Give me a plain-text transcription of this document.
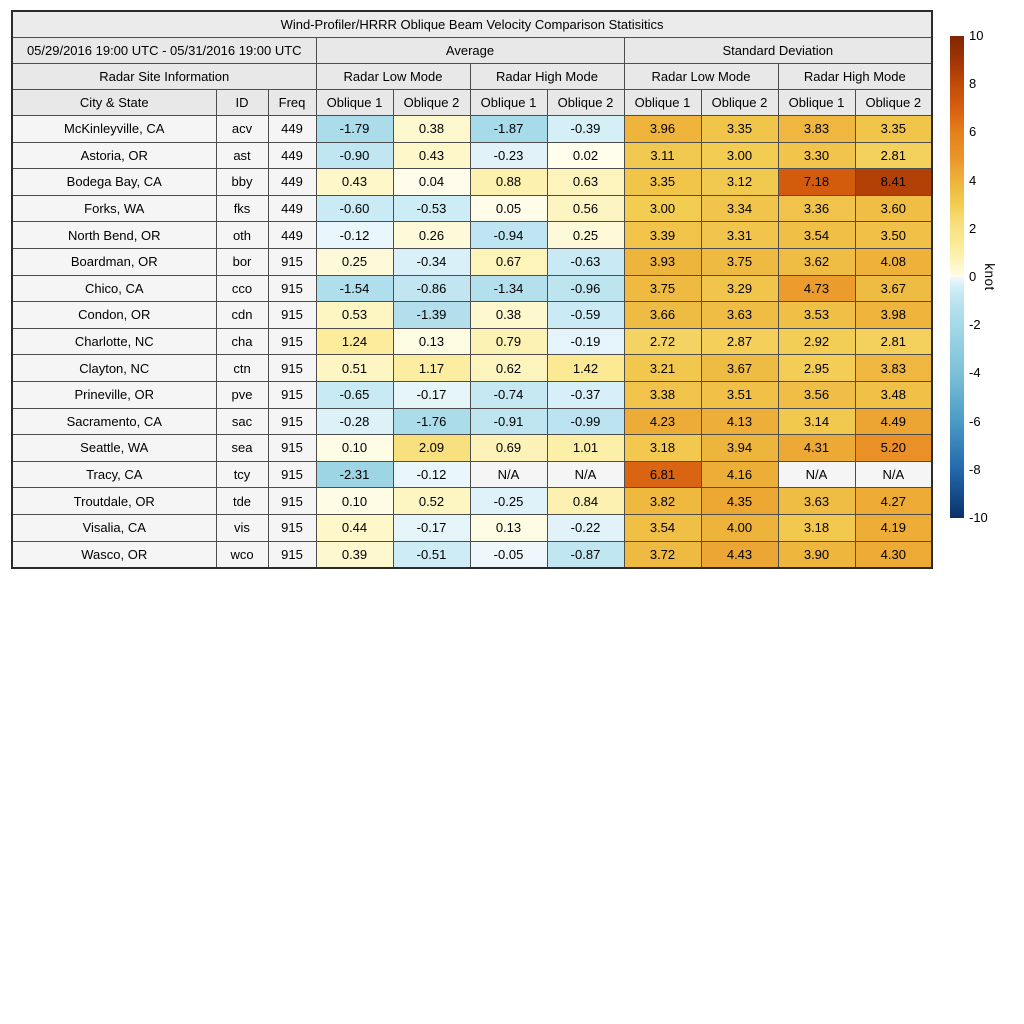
Wind-Profiler/HRRR Oblique Beam Velocity Comparison Statisitics										
05/29/2016 19:00 UTC - 05/31/2016 19:00 UTC			Average				Standard Deviation			
Radar Site Information			Radar Low Mode		Radar High Mode		Radar Low Mode		Radar High Mode	
City & State	ID	Freq	Oblique 1	Oblique 2	Oblique 1	Oblique 2	Oblique 1	Oblique 2	Oblique 1	Oblique 2
McKinleyville, CA	acv	449	-1.79	0.38	-1.87	-0.39	3.96	3.35	3.83	3.35
Astoria, OR	ast	449	-0.90	0.43	-0.23	0.02	3.11	3.00	3.30	2.81
Bodega Bay, CA	bby	449	0.43	0.04	0.88	0.63	3.35	3.12	7.18	8.41
Forks, WA	fks	449	-0.60	-0.53	0.05	0.56	3.00	3.34	3.36	3.60
North Bend, OR	oth	449	-0.12	0.26	-0.94	0.25	3.39	3.31	3.54	3.50
Boardman, OR	bor	915	0.25	-0.34	0.67	-0.63	3.93	3.75	3.62	4.08
Chico, CA	cco	915	-1.54	-0.86	-1.34	-0.96	3.75	3.29	4.73	3.67
Condon, OR	cdn	915	0.53	-1.39	0.38	-0.59	3.66	3.63	3.53	3.98
Charlotte, NC	cha	915	1.24	0.13	0.79	-0.19	2.72	2.87	2.92	2.81
Clayton, NC	ctn	915	0.51	1.17	0.62	1.42	3.21	3.67	2.95	3.83
Prineville, OR	pve	915	-0.65	-0.17	-0.74	-0.37	3.38	3.51	3.56	3.48
Sacramento, CA	sac	915	-0.28	-1.76	-0.91	-0.99	4.23	4.13	3.14	4.49
Seattle, WA	sea	915	0.10	2.09	0.69	1.01	3.18	3.94	4.31	5.20
Tracy, CA	tcy	915	-2.31	-0.12	N/A	N/A	6.81	4.16	N/A	N/A
Troutdale, OR	tde	915	0.10	0.52	-0.25	0.84	3.82	4.35	3.63	4.27
Visalia, CA	vis	915	0.44	-0.17	0.13	-0.22	3.54	4.00	3.18	4.19
Wasco, OR	wco	915	0.39	-0.51	-0.05	-0.87	3.72	4.43	3.90	4.30
10
8
6
4
2
0
-2
-4
-6
-8
-10
knot
